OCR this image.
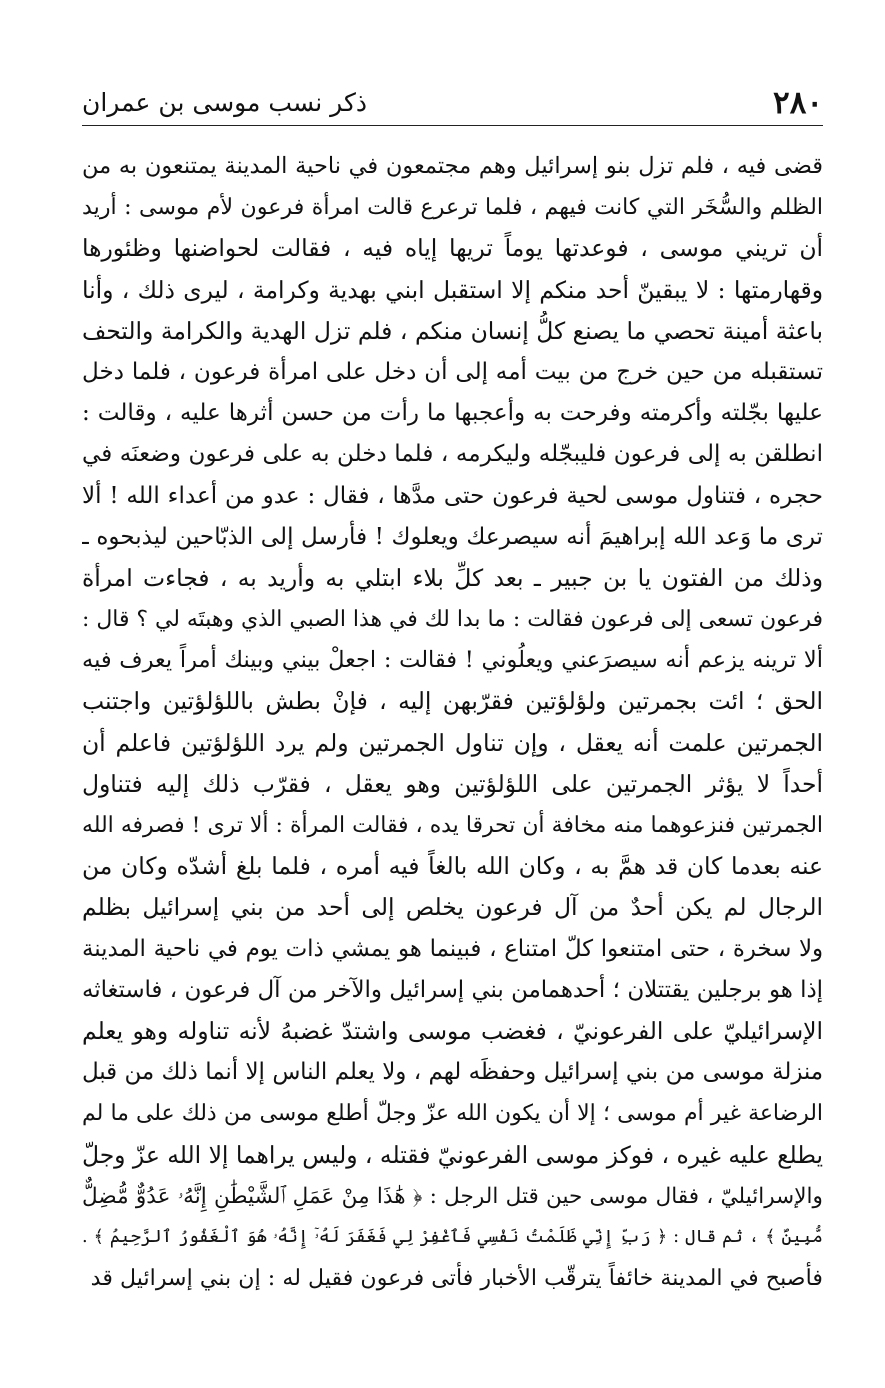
٢٨٠
ذكر نسب موسى بن عمران
قضى فيه ، فلم تزل بنو إسرائيل وهم مجتمعون في ناحية المدينة يمتنعون به من
الظلم والسُّخَر التي كانت فيهم ، فلما ترعرع قالت امرأة فرعون لأم موسى : أريد
أن تريني موسى ، فوعدتها يوماً تريها إياه فيه ، فقالت لحواضنها وظئورها
وقهارمتها : لا يبقينّ أحد منكم إلا استقبل ابني بهدية وكرامة ، ليرى ذلك ، وأنا
باعثة أمينة تحصي ما يصنع كلُّ إنسان منكم ، فلم تزل الهدية والكرامة والتحف
تستقبله من حين خرج من بيت أمه إلى أن دخل على امرأة فرعون ، فلما دخل
عليها بجّلته وأكرمته وفرحت به وأعجبها ما رأت من حسن أثرها عليه ، وقالت :
انطلقن به إلى فرعون فليبجّله وليكرمه ، فلما دخلن به على فرعون وضعنَه في
حجره ، فتناول موسى لحية فرعون حتى مدَّها ، فقال : عدو من أعداء الله ! ألا
ترى ما وَعد الله إبراهيمَ أنه سيصرعك ويعلوك ! فأرسل إلى الذبّاحين ليذبحوه ـ
وذلك من الفتون يا بن جبير ـ بعد كلِّ بلاء ابتلي به وأريد به ، فجاءت امرأة
فرعون تسعى إلى فرعون فقالت : ما بدا لك في هذا الصبي الذي وهبتَه لي ؟ قال :
ألا ترينه يزعم أنه سيصرَعني ويعلُوني ! فقالت : اجعلْ بيني وبينك أمراً يعرف فيه
الحق ؛ ائت بجمرتين ولؤلؤتين فقرّبهن إليه ، فإنْ بطش باللؤلؤتين واجتنب
الجمرتين علمت أنه يعقل ، وإن تناول الجمرتين ولم يرد اللؤلؤتين فاعلم أن
أحداً لا يؤثر الجمرتين على اللؤلؤتين وهو يعقل ، فقرّب ذلك إليه فتناول
الجمرتين فنزعوهما منه مخافة أن تحرقا يده ، فقالت المرأة : ألا ترى ! فصرفه الله
عنه بعدما كان قد همَّ به ، وكان الله بالغاً فيه أمره ، فلما بلغ أشدّه وكان من
الرجال لم يكن أحدٌ من آل فرعون يخلص إلى أحد من بني إسرائيل بظلم
ولا سخرة ، حتى امتنعوا كلّ امتناع ، فبينما هو يمشي ذات يوم في ناحية المدينة
إذا هو برجلين يقتتلان ؛ أحدهمامن بني إسرائيل والآخر من آل فرعون ، فاستغاثه
الإسرائيليّ على الفرعونيّ ، فغضب موسى واشتدّ غضبهُ لأنه تناوله وهو يعلم
منزلة موسى من بني إسرائيل وحفظَه لهم ، ولا يعلم الناس إلا أنما ذلك من قبل
الرضاعة غير أم موسى ؛ إلا أن يكون الله عزّ وجلّ أطلع موسى من ذلك على ما لم
يطلع عليه غيره ، فوكز موسى الفرعونيّ فقتله ، وليس يراهما إلا الله عزّ وجلّ
والإسرائيليّ ، فقال موسى حين قتل الرجل : ﴿ هَٰذَا مِنْ عَمَلِ ٱلشَّيْطَٰنِ إِنَّهُۥ عَدُوٌّ مُّضِلٌّ
مُّبِينٌ ﴾ ، ثم قال : ﴿ رَبِّ إِنِّي ظَلَمْتُ نَفْسِي فَٱغْفِرْ لِي فَغَفَرَ لَهُۥٓ إِنَّهُۥ هُوَ ٱلْغَفُورُ ٱلرَّحِيمُ ﴾ .
فأصبح في المدينة خائفاً يترقّب الأخبار فأتى فرعون فقيل له : إن بني إسرائيل قد
